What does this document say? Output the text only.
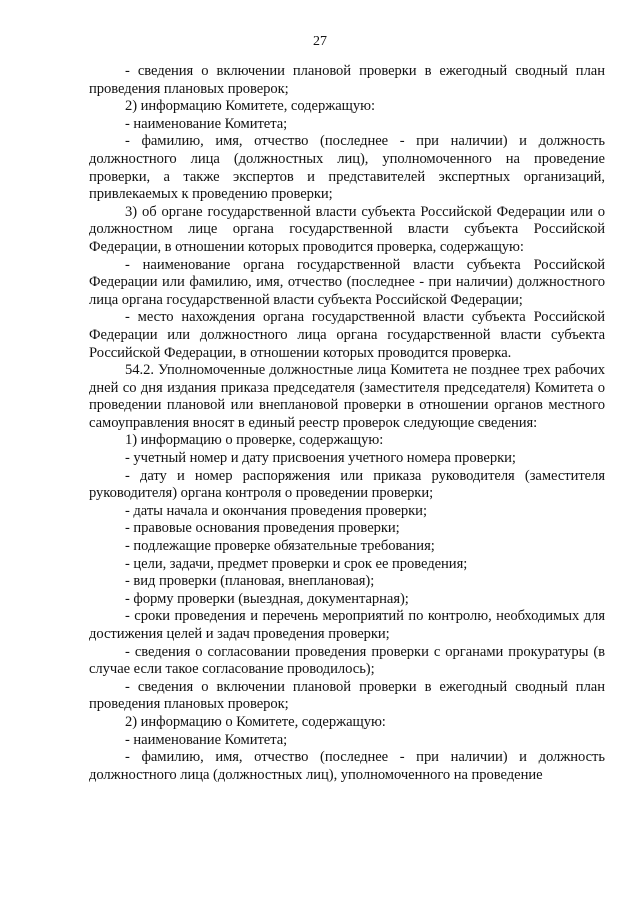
27

- сведения о включении плановой проверки в ежегодный сводный план проведения плановых проверок;

2) информацию Комитете, содержащую:

- наименование Комитета;

- фамилию, имя, отчество (последнее - при наличии) и должность должностного лица (должностных лиц), уполномоченного на проведение проверки, а также экспертов и представителей экспертных организаций, привлекаемых к проведению проверки;

3) об органе государственной власти субъекта Российской Федерации или о должностном лице органа государственной власти субъекта Российской Федерации, в отношении которых проводится проверка, содержащую:

- наименование органа государственной власти субъекта Российской Федерации или фамилию, имя, отчество (последнее - при наличии) должностного лица органа государственной власти субъекта Российской Федерации;

- место нахождения органа государственной власти субъекта Российской Федерации или должностного лица органа государственной власти субъекта Российской Федерации, в отношении которых проводится проверка.

54.2. Уполномоченные должностные лица Комитета не позднее трех рабочих дней со дня издания приказа председателя (заместителя председателя) Комитета о проведении плановой или внеплановой проверки в отношении органов местного самоуправления вносят в единый реестр проверок следующие сведения:

1) информацию о проверке, содержащую:

- учетный номер и дату присвоения учетного номера проверки;

- дату и номер распоряжения или приказа руководителя (заместителя руководителя) органа контроля о проведении проверки;

- даты начала и окончания проведения проверки;

- правовые основания проведения проверки;

- подлежащие проверке обязательные требования;

- цели, задачи, предмет проверки и срок ее проведения;

- вид проверки (плановая, внеплановая);

- форму проверки (выездная, документарная);

- сроки проведения и перечень мероприятий по контролю, необходимых для достижения целей и задач проведения проверки;

- сведения о согласовании проведения проверки с органами прокуратуры (в случае если такое согласование проводилось);

- сведения о включении плановой проверки в ежегодный сводный план проведения плановых проверок;

2) информацию о Комитете, содержащую:

- наименование Комитета;

- фамилию, имя, отчество (последнее - при наличии) и должность должностного лица (должностных лиц), уполномоченного на проведение
